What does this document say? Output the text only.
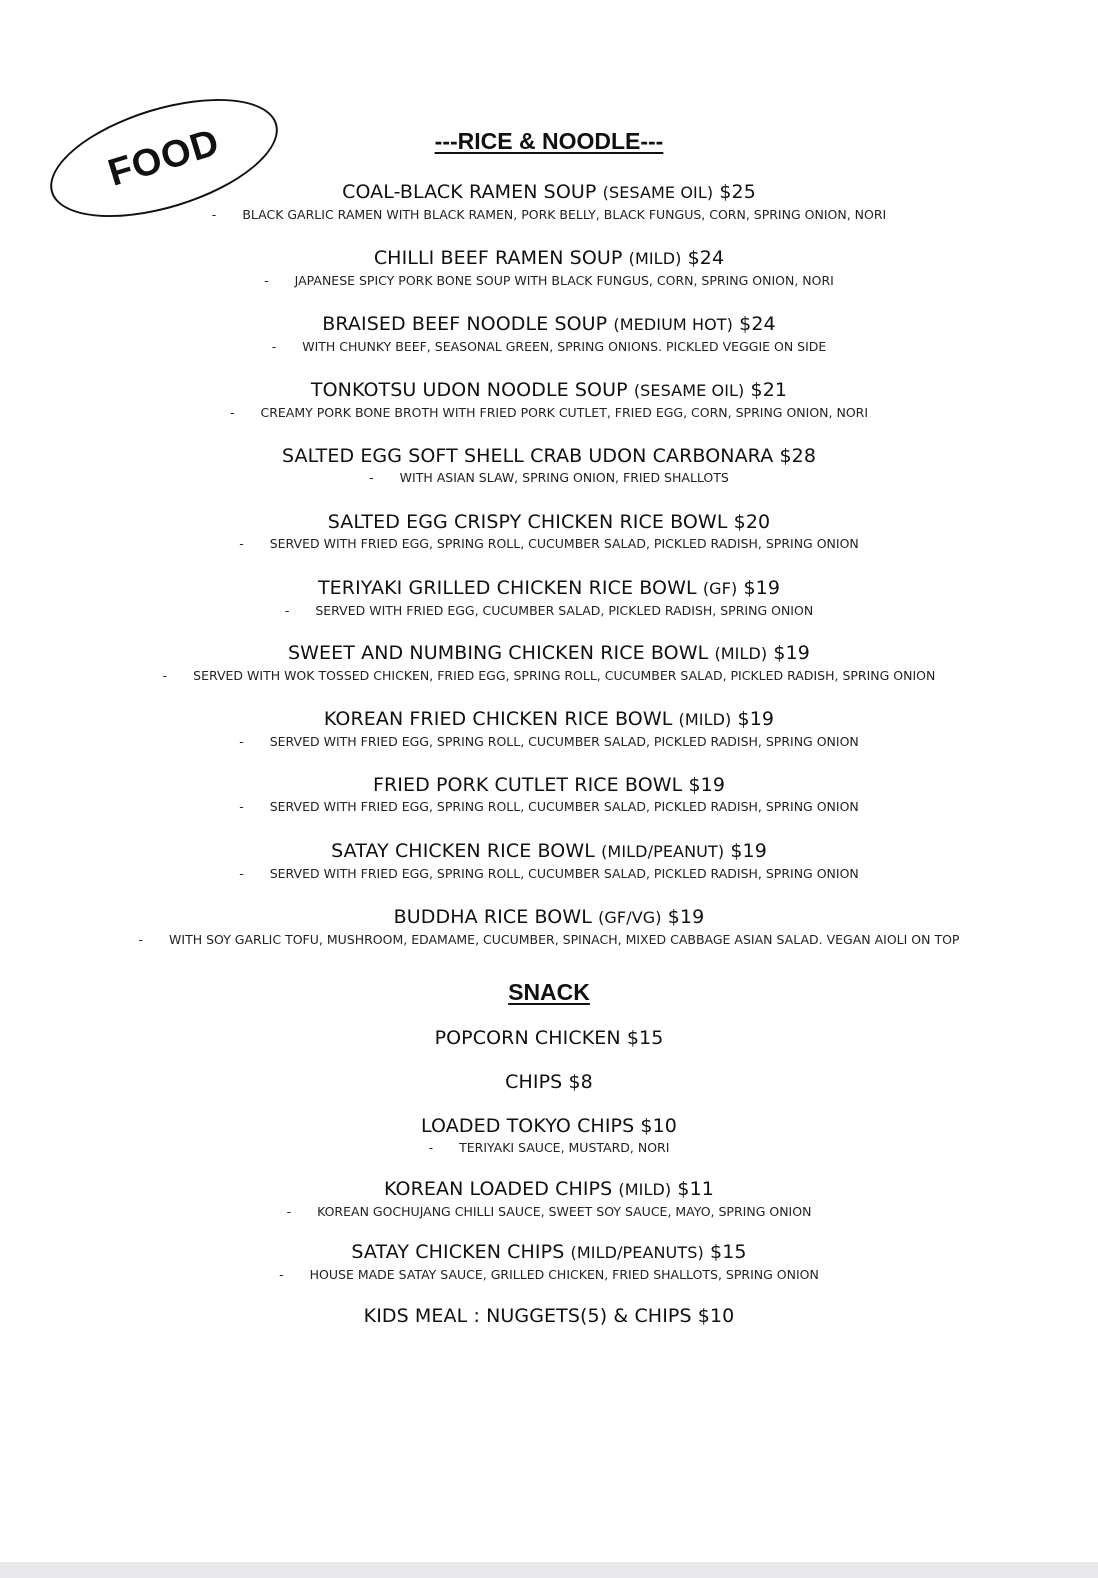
FOOD	---RICE & NOODLE---
SNACK
COAL-BLACK RAMEN SOUP (SESAME OIL) $25
- BLACK GARLIC RAMEN WITH BLACK RAMEN, PORK BELLY, BLACK FUNGUS, CORN, SPRING ONION, NORI
CHILLI BEEF RAMEN SOUP (MILD) $24
- JAPANESE SPICY PORK BONE SOUP WITH BLACK FUNGUS, CORN, SPRING ONION, NORI
BRAISED BEEF NOODLE SOUP (MEDIUM HOT) $24
- WITH CHUNKY BEEF, SEASONAL GREEN, SPRING ONIONS. PICKLED VEGGIE ON SIDE
TONKOTSU UDON NOODLE SOUP (SESAME OIL) $21
- CREAMY PORK BONE BROTH WITH FRIED PORK CUTLET, FRIED EGG, CORN, SPRING ONION, NORI
SALTED EGG SOFT SHELL CRAB UDON CARBONARA $28
- WITH ASIAN SLAW, SPRING ONION, FRIED SHALLOTS
SALTED EGG CRISPY CHICKEN RICE BOWL $20
- SERVED WITH FRIED EGG, SPRING ROLL, CUCUMBER SALAD, PICKLED RADISH, SPRING ONION
TERIYAKI GRILLED CHICKEN RICE BOWL (GF) $19
- SERVED WITH FRIED EGG, CUCUMBER SALAD, PICKLED RADISH, SPRING ONION
SWEET AND NUMBING CHICKEN RICE BOWL (MILD) $19
- SERVED WITH WOK TOSSED CHICKEN, FRIED EGG, SPRING ROLL, CUCUMBER SALAD, PICKLED RADISH, SPRING ONION
KOREAN FRIED CHICKEN RICE BOWL (MILD) $19
- SERVED WITH FRIED EGG, SPRING ROLL, CUCUMBER SALAD, PICKLED RADISH, SPRING ONION
FRIED PORK CUTLET RICE BOWL $19
- SERVED WITH FRIED EGG, SPRING ROLL, CUCUMBER SALAD, PICKLED RADISH, SPRING ONION
SATAY CHICKEN RICE BOWL (MILD/PEANUT) $19
- SERVED WITH FRIED EGG, SPRING ROLL, CUCUMBER SALAD, PICKLED RADISH, SPRING ONION
BUDDHA RICE BOWL (GF/VG) $19
- WITH SOY GARLIC TOFU, MUSHROOM, EDAMAME, CUCUMBER, SPINACH, MIXED CABBAGE ASIAN SALAD. VEGAN AIOLI ON TOP
POPCORN CHICKEN $15
CHIPS $8
LOADED TOKYO CHIPS $10
- TERIYAKI SAUCE, MUSTARD, NORI
KOREAN LOADED CHIPS (MILD) $11
- KOREAN GOCHUJANG CHILLI SAUCE, SWEET SOY SAUCE, MAYO, SPRING ONION
SATAY CHICKEN CHIPS (MILD/PEANUTS) $15
- HOUSE MADE SATAY SAUCE, GRILLED CHICKEN, FRIED SHALLOTS, SPRING ONION
KIDS MEAL : NUGGETS(5) & CHIPS $10
